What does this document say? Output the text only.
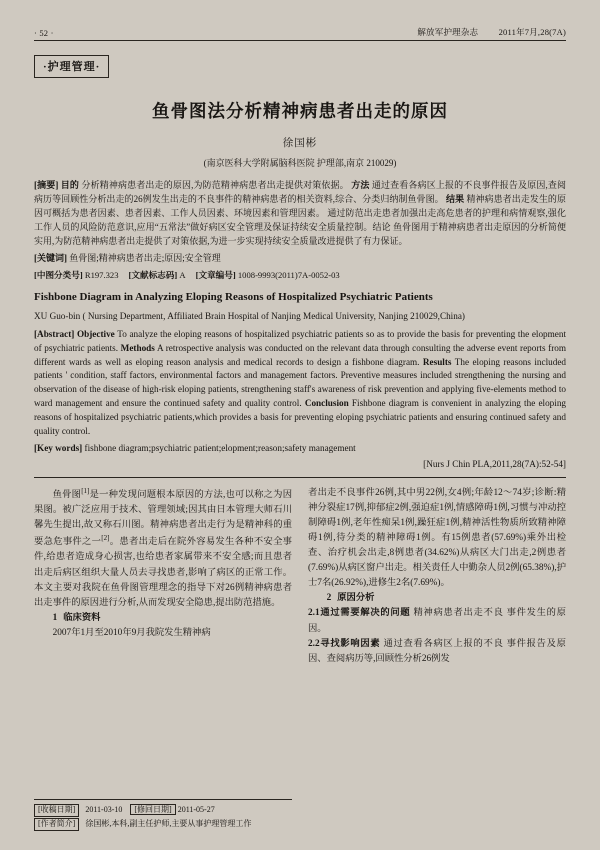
· 52 ·	解放军护理杂志 2011年7月,28(7A)
·护理管理·
鱼骨图法分析精神病患者出走的原因
徐国彬
(南京医科大学附属脑科医院 护理部,南京 210029)
[摘要] 目的 分析精神病患者出走的原因,为防范精神病患者出走提供对策依据。 方法 通过查看各病区上报的不良事件报告及原因,查阅病历等回顾性分析出走的26例发生出走的不良事件的精神病患者的相关资料,综合、分类归纳制鱼骨图。 结果 精神病患者出走发生的原因可概括为患者因素、患者因素、工作人员因素、环境因素和管理因素。 通过防范出走患者加强出走高危患者的护理和病情观察,强化工作人员的风险防范意识,应用“五常法”做好病区安全管理及保证持续安全质量控制。结论 鱼骨图用于精神病患者出走原因的分析简便实用,为防范精神病患者出走提供了对策依据,为进一步实现持续安全质量改进提供了有力保证。
[关键词] 鱼骨图;精神病患者出走;原因;安全管理
[中图分类号] R197.323 [文献标志码] A [文章编号] 1008-9993(2011)7A-0052-03
Fishbone Diagram in Analyzing Eloping Reasons of Hospitalized Psychiatric Patients
XU Guo-bin ( Nursing Department, Affiliated Brain Hospital of Nanjing Medical University, Nanjing 210029,China)
[Abstract] Objective To analyze the eloping reasons of hospitalized psychiatric patients so as to provide the basis for preventing the elopment of psychiatric patients. Methods A retrospective analysis was conducted on the relevant data through consulting the adverse event reports from different wards as well as eloping reason analysis and medical records to design a fishbone diagram. Results The eloping reasons included patients ' condition, staff factors, environmental factors and management factors. Preventive measures included strengthening the nursing and observation of the disease of high-risk eloping patients, strengthening staff's awareness of risk prevention and applying five-elements method to ward management and ensure the continued safety and quality control. Conclusion Fishbone diagram is convenient in analyzing the eloping reasons of hospitalized psychiatric patients,which provides a basis for preventing eloping psychiatric patients and ensuring continued safety and quality control.
[Key words] fishbone diagram;psychiatric patient;elopment;reason;safety management
[Nurs J Chin PLA,2011,28(7A):52-54]

鱼骨图[1]是一种发现问题根本原因的方法,也可以称之为因果图。被广泛应用于技术、管理领域;因其由日本管理大师石川馨先生提出,故又称石川图。精神病患者出走行为是精神科的重要急危事件之一[2]。患者出走后在院外容易发生各种不安全事件,给患者造成身心损害,也给患者家属带来不安全感;而且患者出走后病区组织大量人员去寻找患者,影响了病区的正常工作。本文主要对我院在鱼骨图管理理念的指导下对26例精神病患者出走事件的原因进行分析,从而发现安全隐患,提出防范措施。

1 临床资料

2007年1月至2010年9月我院发生精神病

者出走不良事件26例,其中男22例,女4例;年龄12～74岁;诊断:精神分裂症17例,抑郁症2例,强迫症1例,情感障碍1例,习惯与冲动控制障碍1例,老年性痴呆1例,躁狂症1例,精神活性物质所致精神障碍1例,待分类的精神障碍1例。有15例患者(57.69%)乘外出检查、治疗机会出走,8例患者(34.62%)从病区大门出走,2例患者(7.69%)从病区窗户出走。相关责任人中勤杂人员2例(65.38%),护士7名(26.92%),进修生2名(7.69%)。

2 原因分析

2.1通过需要解决的问题 精神病患者出走不良 事件发生的原因。

2.2寻找影响因素 通过查看各病区上报的不良 事件报告及原因、查阅病历等,回顾性分析26例发

[收稿日期]	2011-03-10 [修回日期] 2011-05-27
[作者简介]	徐国彬,本科,副主任护师,主要从事护理管理工作
